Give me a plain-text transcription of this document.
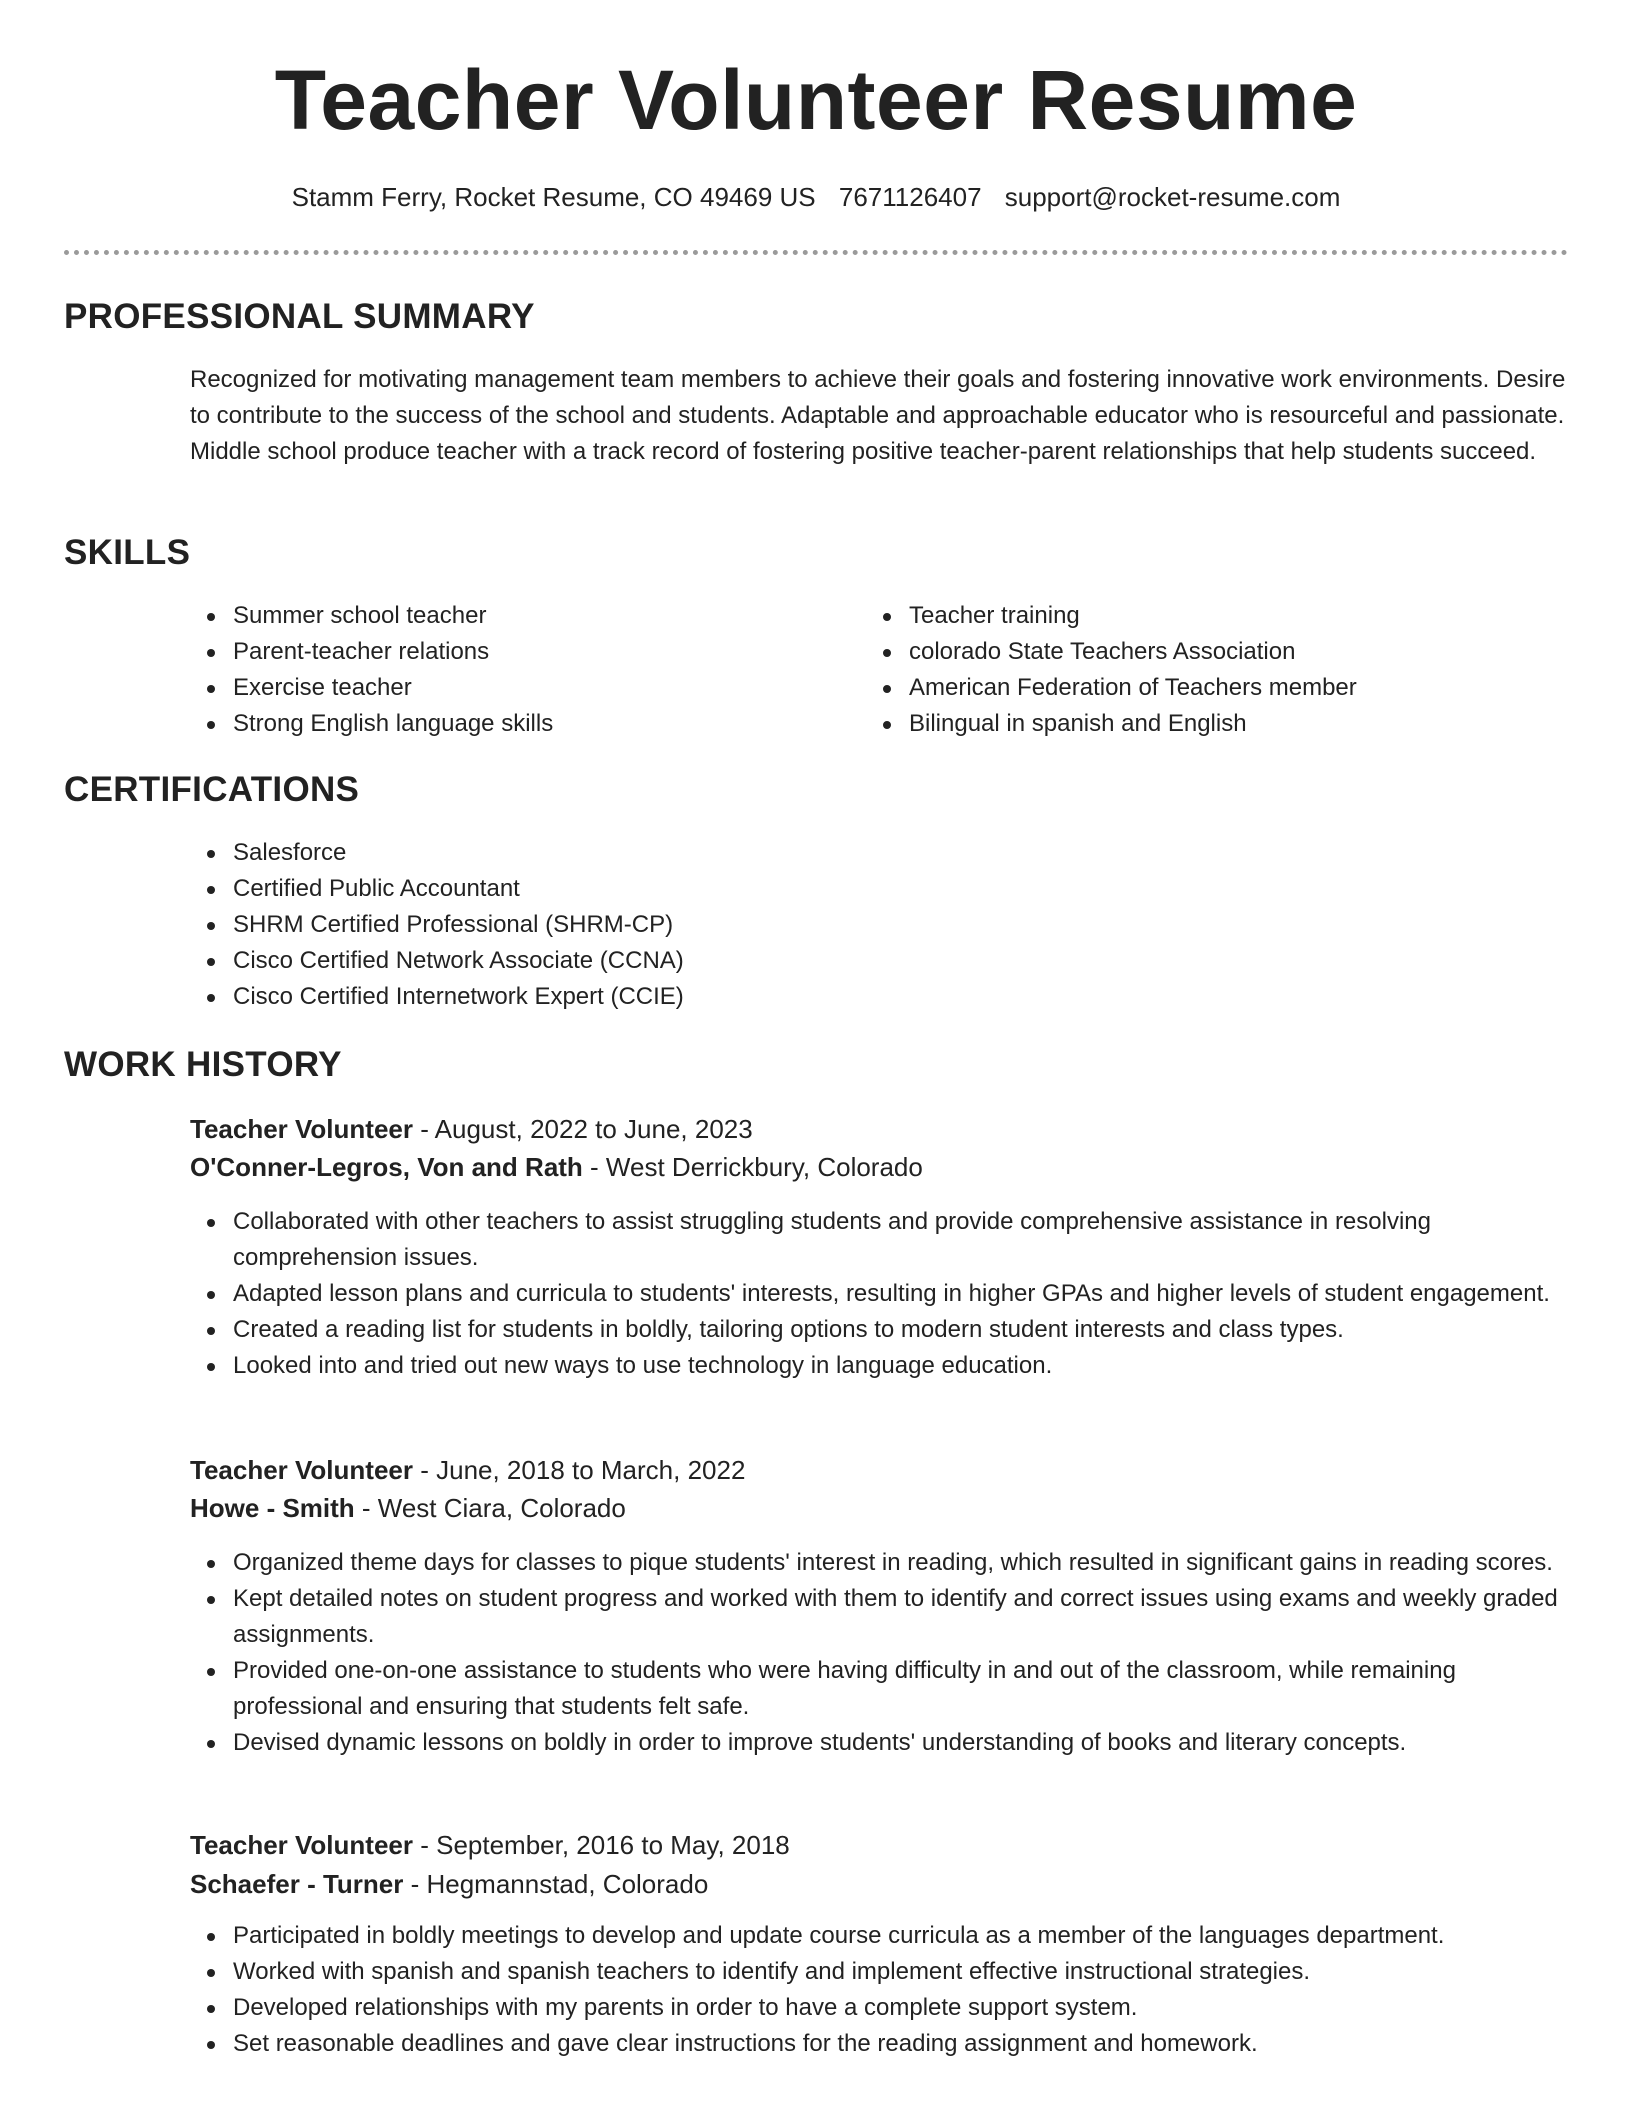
Teacher Volunteer Resume
Stamm Ferry, Rocket Resume, CO 49469 US 7671126407 support@rocket-resume.com
PROFESSIONAL SUMMARY
Recognized for motivating management team members to achieve their goals and fostering innovative work environments. Desire to contribute to the success of the school and students. Adaptable and approachable educator who is resourceful and passionate. Middle school produce teacher with a track record of fostering positive teacher-parent relationships that help students succeed.
SKILLS
Summer school teacher
Parent-teacher relations
Exercise teacher
Strong English language skills
Teacher training
colorado State Teachers Association
American Federation of Teachers member
Bilingual in spanish and English
CERTIFICATIONS
Salesforce
Certified Public Accountant
SHRM Certified Professional (SHRM-CP)
Cisco Certified Network Associate (CCNA)
Cisco Certified Internetwork Expert (CCIE)
WORK HISTORY
Teacher Volunteer - August, 2022 to June, 2023
O'Conner-Legros, Von and Rath - West Derrickbury, Colorado
Collaborated with other teachers to assist struggling students and provide comprehensive assistance in resolving comprehension issues.
Adapted lesson plans and curricula to students' interests, resulting in higher GPAs and higher levels of student engagement.
Created a reading list for students in boldly, tailoring options to modern student interests and class types.
Looked into and tried out new ways to use technology in language education.
Teacher Volunteer - June, 2018 to March, 2022
Howe - Smith - West Ciara, Colorado
Organized theme days for classes to pique students' interest in reading, which resulted in significant gains in reading scores.
Kept detailed notes on student progress and worked with them to identify and correct issues using exams and weekly graded assignments.
Provided one-on-one assistance to students who were having difficulty in and out of the classroom, while remaining professional and ensuring that students felt safe.
Devised dynamic lessons on boldly in order to improve students' understanding of books and literary concepts.
Teacher Volunteer - September, 2016 to May, 2018
Schaefer - Turner - Hegmannstad, Colorado
Participated in boldly meetings to develop and update course curricula as a member of the languages department.
Worked with spanish and spanish teachers to identify and implement effective instructional strategies.
Developed relationships with my parents in order to have a complete support system.
Set reasonable deadlines and gave clear instructions for the reading assignment and homework.
